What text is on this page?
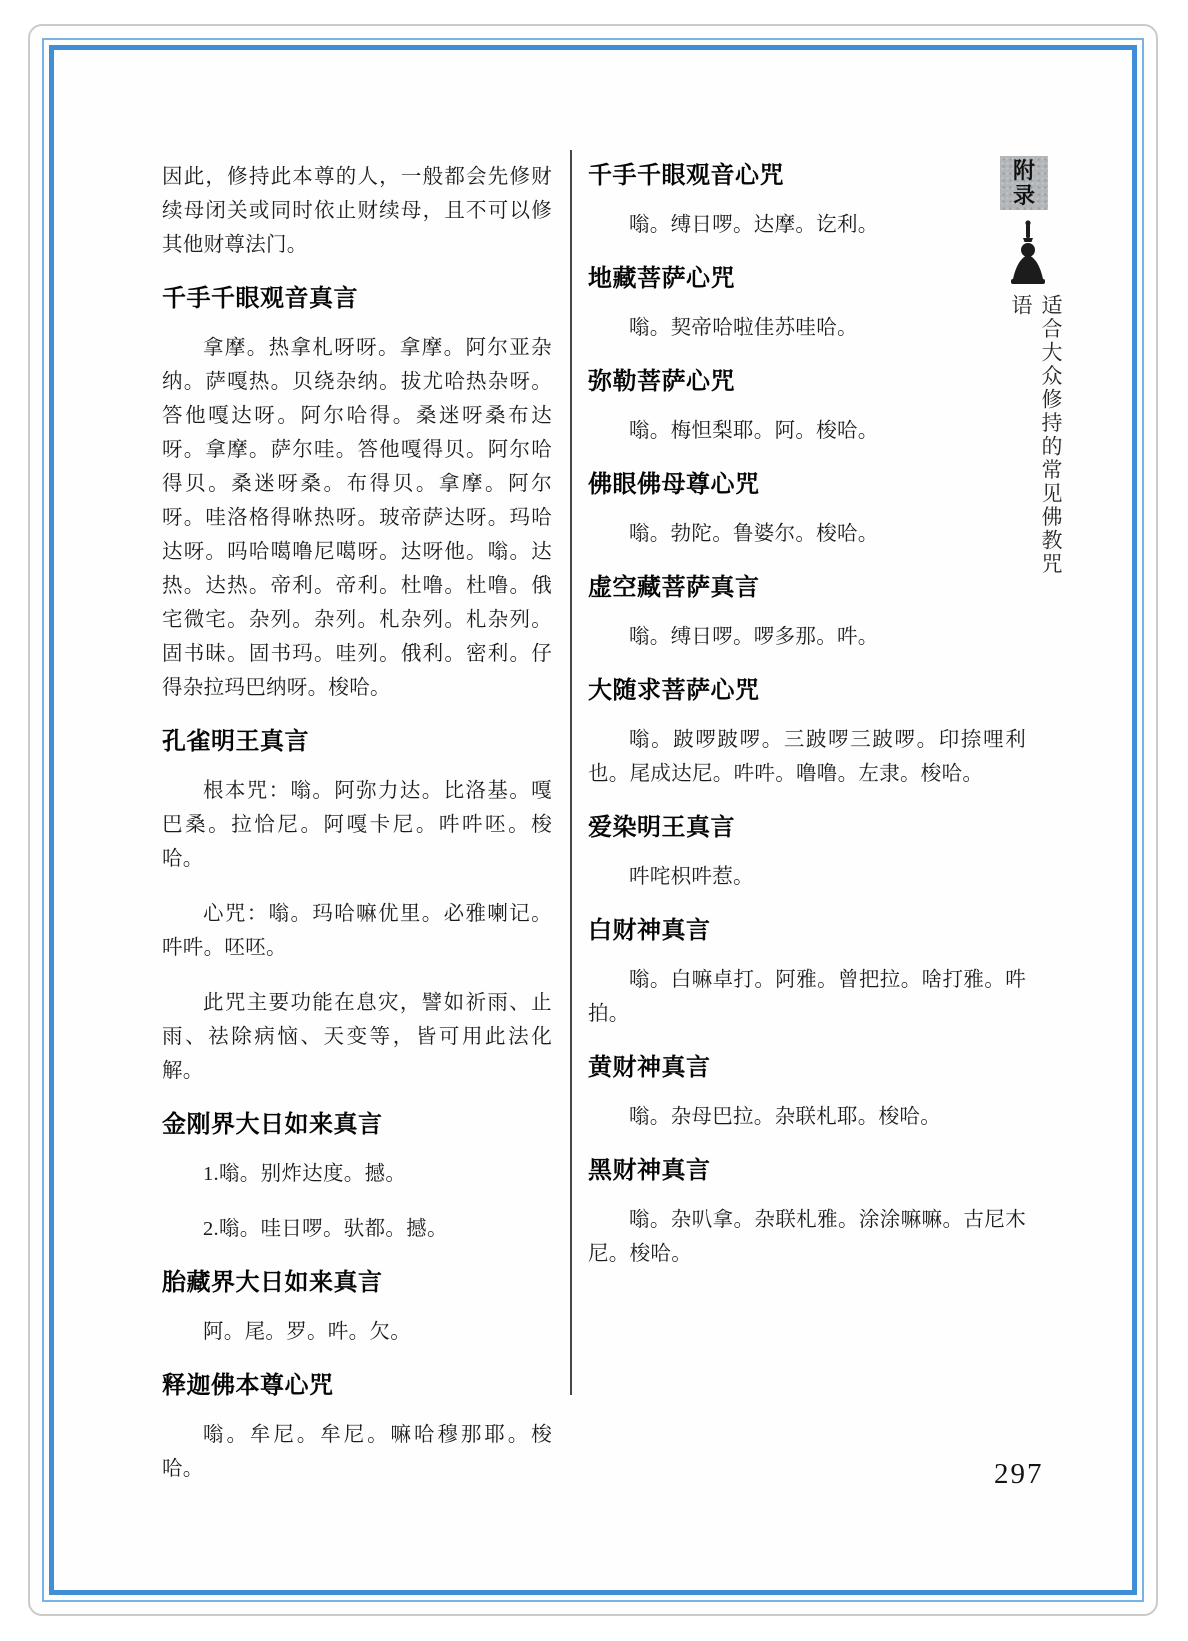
因此，修持此本尊的人，一般都会先修财续母闭关或同时依止财续母，且不可以修其他财尊法门。

千手千眼观音真言

拿摩。热拿札呀呀。拿摩。阿尔亚杂纳。萨嘎热。贝绕杂纳。拔尤哈热杂呀。答他嘎达呀。阿尔哈得。桑迷呀桑布达呀。拿摩。萨尔哇。答他嘎得贝。阿尔哈得贝。桑迷呀桑。布得贝。拿摩。阿尔呀。哇洛格得咻热呀。玻帝萨达呀。玛哈达呀。吗哈噶噜尼噶呀。达呀他。嗡。达热。达热。帝利。帝利。杜噜。杜噜。俄宅微宅。杂列。杂列。札杂列。札杂列。固书昧。固书玛。哇列。俄利。密利。仔得杂拉玛巴纳呀。梭哈。

孔雀明王真言

根本咒：嗡。阿弥力达。比洛基。嘎巴桑。拉恰尼。阿嘎卡尼。吽吽呸。梭哈。

心咒：嗡。玛哈嘛优里。必雅喇记。吽吽。呸呸。

此咒主要功能在息灾，譬如祈雨、止雨、祛除病恼、天变等，皆可用此法化解。

金刚界大日如来真言

1.嗡。别炸达度。撼。

2.嗡。哇日啰。驮都。撼。

胎藏界大日如来真言

阿。尾。罗。吽。欠。

释迦佛本尊心咒

嗡。牟尼。牟尼。嘛哈穆那耶。梭哈。

千手千眼观音心咒

嗡。缚日啰。达摩。讫利。

地藏菩萨心咒

嗡。契帝哈啦佳苏哇哈。

弥勒菩萨心咒

嗡。梅怛梨耶。阿。梭哈。

佛眼佛母尊心咒

嗡。勃陀。鲁婆尔。梭哈。

虚空藏菩萨真言

嗡。缚日啰。啰多那。吽。

大随求菩萨心咒

嗡。跛啰跛啰。三跛啰三跛啰。印捺哩利也。尾成达尼。吽吽。噜噜。左隶。梭哈。

爱染明王真言

吽咤枳吽惹。

白财神真言

嗡。白嘛卓打。阿雅。曾把拉。啥打雅。吽拍。

黄财神真言

嗡。杂母巴拉。杂联札耶。梭哈。

黑财神真言

嗡。杂叭拿。杂联札雅。涂涂嘛嘛。古尼木尼。梭哈。

附
录
适合大众修持的常见佛教咒语
297
